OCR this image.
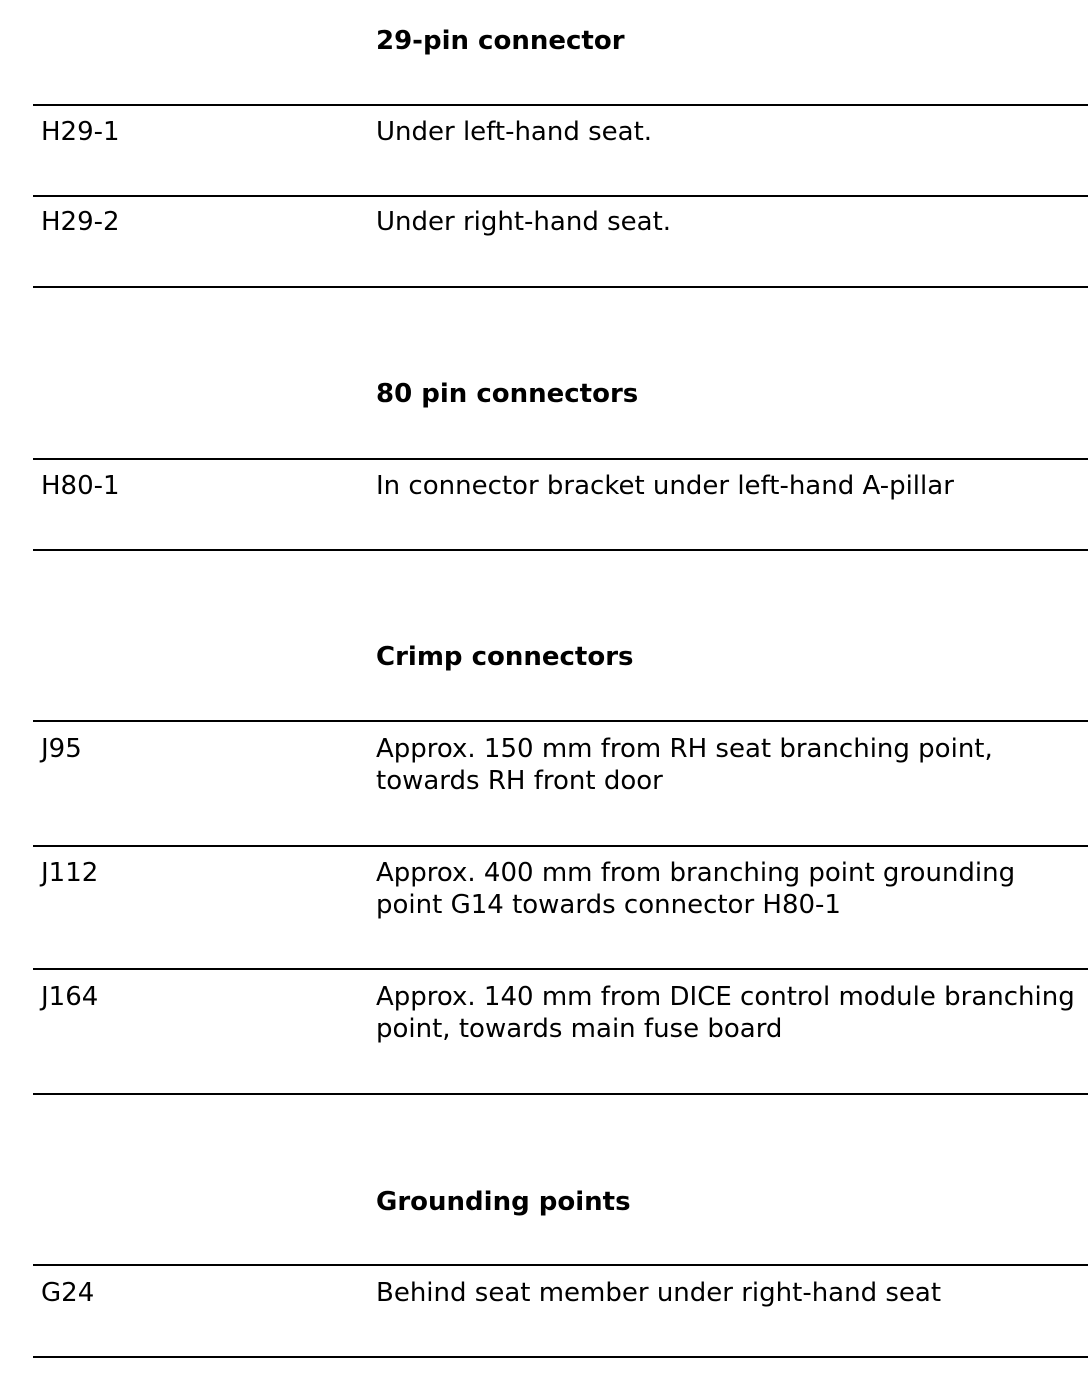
29-pin connector
H29-1	Under left-hand seat.
H29-2	Under right-hand seat.
80 pin connectors
H80-1	In connector bracket under left-hand A-pillar
Crimp connectors
J95	Approx. 150 mm from RH seat branching point, towards RH front door
J112	Approx. 400 mm from branching point grounding point G14 towards connector H80-1
J164	Approx. 140 mm from DICE control module branching point, towards main fuse board
Grounding points
G24	Behind seat member under right-hand seat
